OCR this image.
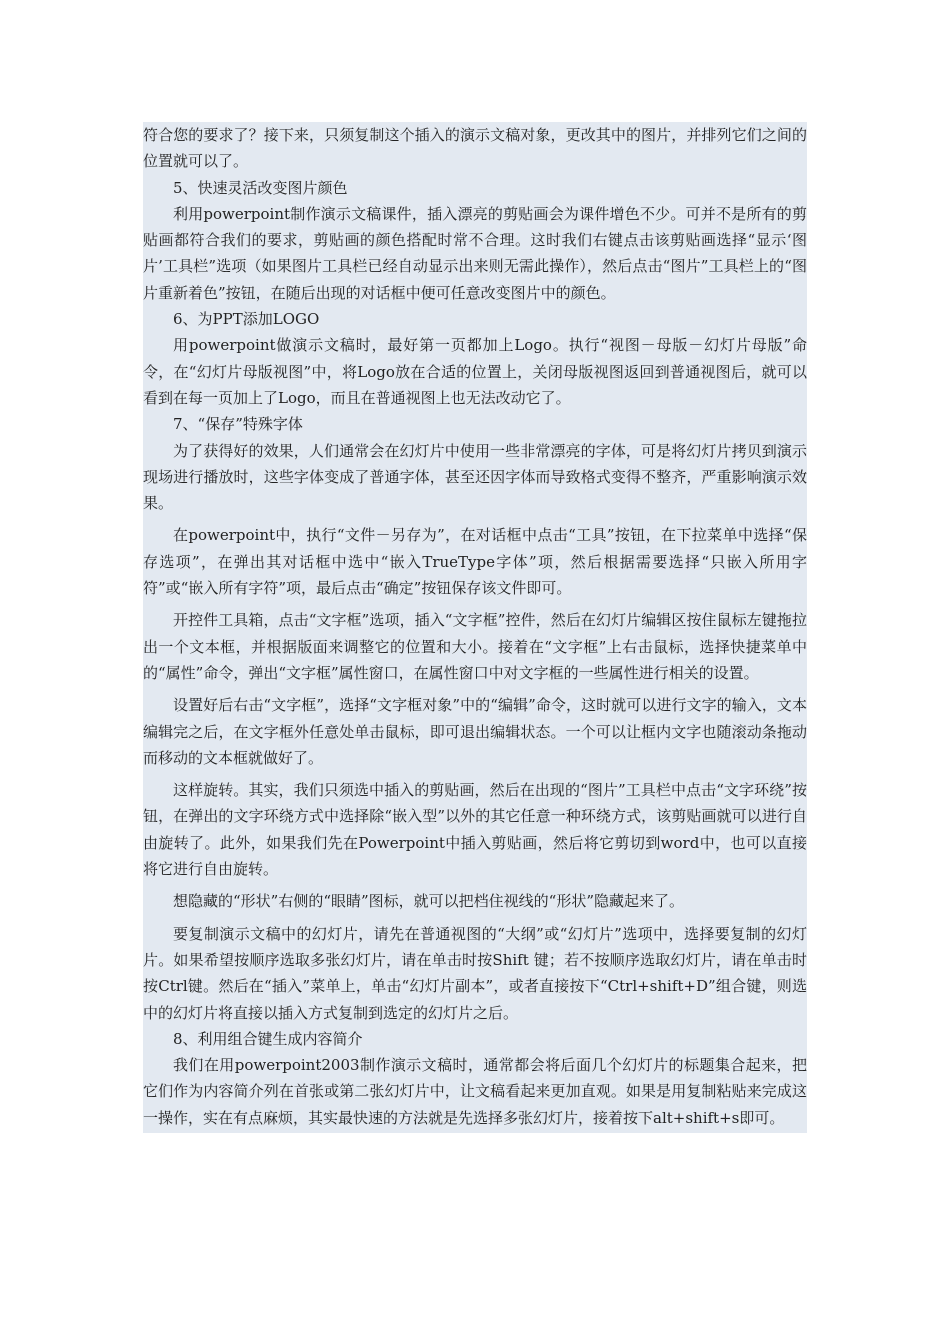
符合您的要求了？接下来，只须复制这个插入的演示文稿对象，更改其中的图片，并排列它们之间的位置就可以了。

5、快速灵活改变图片颜色

利用powerpoint制作演示文稿课件，插入漂亮的剪贴画会为课件增色不少。可并不是所有的剪贴画都符合我们的要求，剪贴画的颜色搭配时常不合理。这时我们右键点击该剪贴画选择“显示‘图片’工具栏”选项（如果图片工具栏已经自动显示出来则无需此操作），然后点击“图片”工具栏上的“图片重新着色”按钮，在随后出现的对话框中便可任意改变图片中的颜色。

6、为PPT添加LOGO

用powerpoint做演示文稿时，最好第一页都加上Logo。执行“视图－母版－幻灯片母版”命令，在“幻灯片母版视图”中，将Logo放在合适的位置上，关闭母版视图返回到普通视图后，就可以看到在每一页加上了Logo，而且在普通视图上也无法改动它了。

7、“保存”特殊字体

为了获得好的效果，人们通常会在幻灯片中使用一些非常漂亮的字体，可是将幻灯片拷贝到演示现场进行播放时，这些字体变成了普通字体，甚至还因字体而导致格式变得不整齐，严重影响演示效果。

在powerpoint中，执行“文件－另存为”，在对话框中点击“工具”按钮，在下拉菜单中选择“保存选项”，在弹出其对话框中选中“嵌入TrueType字体”项，然后根据需要选择“只嵌入所用字符”或“嵌入所有字符”项，最后点击“确定”按钮保存该文件即可。

开控件工具箱，点击“文字框”选项，插入“文字框”控件，然后在幻灯片编辑区按住鼠标左键拖拉出一个文本框，并根据版面来调整它的位置和大小。接着在“文字框”上右击鼠标，选择快捷菜单中的“属性”命令，弹出“文字框”属性窗口，在属性窗口中对文字框的一些属性进行相关的设置。

设置好后右击“文字框”，选择“文字框对象”中的“编辑”命令，这时就可以进行文字的输入，文本编辑完之后，在文字框外任意处单击鼠标，即可退出编辑状态。一个可以让框内文字也随滚动条拖动而移动的文本框就做好了。

这样旋转。其实，我们只须选中插入的剪贴画，然后在出现的“图片”工具栏中点击“文字环绕”按钮，在弹出的文字环绕方式中选择除“嵌入型”以外的其它任意一种环绕方式，该剪贴画就可以进行自由旋转了。此外，如果我们先在Powerpoint中插入剪贴画，然后将它剪切到word中，也可以直接将它进行自由旋转。

想隐藏的“形状”右侧的“眼睛”图标，就可以把档住视线的“形状”隐藏起来了。

要复制演示文稿中的幻灯片，请先在普通视图的“大纲”或“幻灯片”选项中，选择要复制的幻灯片。如果希望按顺序选取多张幻灯片，请在单击时按Shift 键；若不按顺序选取幻灯片，请在单击时按Ctrl键。然后在“插入”菜单上，单击“幻灯片副本”，或者直接按下“Ctrl+shift+D”组合键，则选中的幻灯片将直接以插入方式复制到选定的幻灯片之后。

8、利用组合键生成内容简介

我们在用powerpoint2003制作演示文稿时，通常都会将后面几个幻灯片的标题集合起来，把它们作为内容简介列在首张或第二张幻灯片中，让文稿看起来更加直观。如果是用复制粘贴来完成这一操作，实在有点麻烦，其实最快速的方法就是先选择多张幻灯片，接着按下alt+shift+s即可。
